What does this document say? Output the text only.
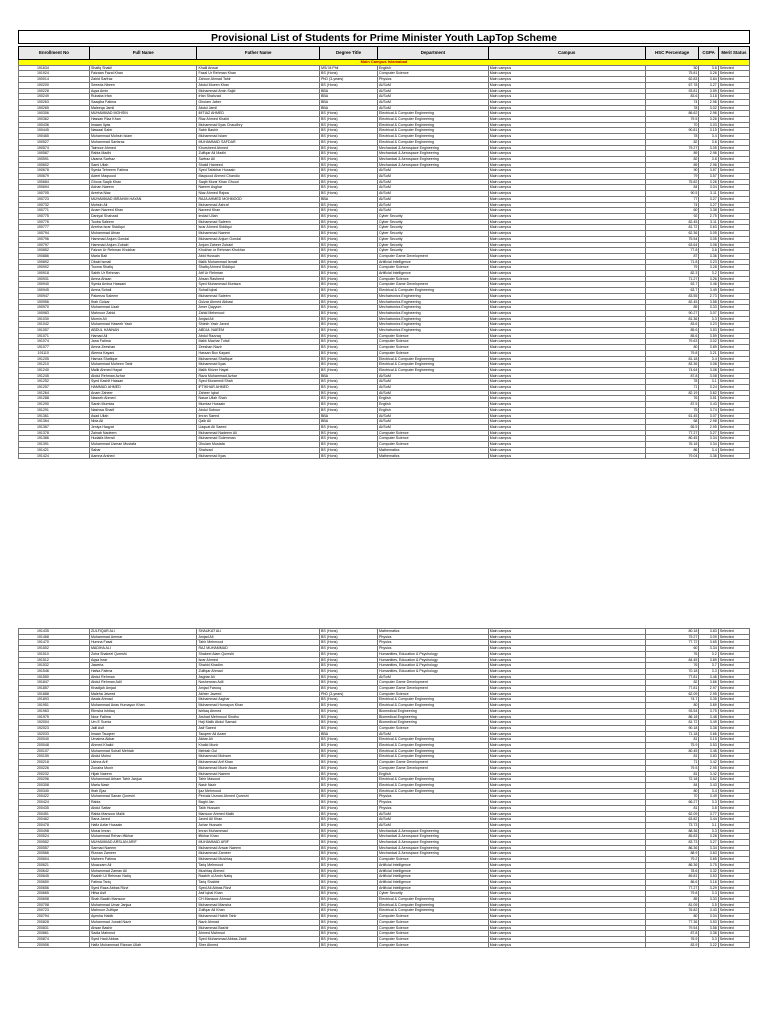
Provisional List of Students for Prime Minister Youth LapTop Scheme
Enrollment No	Full Name	Father Name	Degree Title	Department	Campus	HSC Percentage	CGPA	Merit Status
Main Campus Islamabad								
191634	Shafiq Shakil	Khalil Anwar	MS/ M.Phil	English	Main campus	50	3.6	Selected
191924	Faizaan Fazal Khan	Fazal Ur Rehman Khan	BS (Hons)	Computer Science	Main campus	75.81	3.26	Selected
190014	Zahid Sarfraz	Zahoor Ahmad Tahir	PhD (3-years)	Physics	Main campus	62.83	3.84	Selected
190200	Seeeda Nbeen	Abdul Moeen Khan	BS (Hons)	AI/SoM	Main campus	67.78	3.27	Selected
190228	Aqsa Amin	Muhammad Amin Sajid	BBA	AI/SoM	Main campus	93.81	3.59	Selected
190249	Rubaba Irfan	Irfan Shahzad	BBA	AI/SoM	Main campus	83.6	3.18	Selected
190263	Saaqiba Fatima	Ghulam Jaber	BBA	AI/SoM	Main campus	74	2.96	Selected
190265	Maleeqa Jamil	Abdul Jamil	BBA	AI/SoM	Main campus	78	3.02	Selected
190306	MUHAMMAD MOHSIN	IMTIAZ AHMED	BS (Hons)	Electrical & Computer Engineering	Main campus	86.62	2.96	Selected
190362	Hassan Riaz Khan	Riaz Ahmed Khalid	BS (Hons)	Electrical & Computer Engineering	Main campus	79.5	3.26	Selected
190436	Imaam Ilyas	Muhammad Ilyas Chaudhry	BS (Hons)	Electrical & Computer Engineering	Main campus	70	3.03	Selected
190445	Nawaal Sabir	Sabir Bashir	BS (Hons)	Electrical & Computer Engineering	Main campus	90.81	3.15	Selected
190465	Muhammad Mohsin Islam	Muhammad Islam	BS (Hons)	Electrical & Computer Engineering	Main campus	78	3.4	Selected
190527	Muhammad Sarfaraz	MUHAMMAD SAFDAR	BS (Hons)	Electrical & Computer Engineering	Main campus	82	3.6	Selected
190574	Taimoor Ahmed	Khursheed Ahmed	BS (Hons)	Mechanical & Aerospace Engineering	Main campus	79.27	3.05	Selected
190587	Rabia Madhi	Zulfiqar Ali Madhi	BS (Hons)	Mechanical & Aerospace Engineering	Main campus	89	2.96	Selected
190591	Usama Sarfraz	Sarfraz Ali	BS (Hons)	Mechanical & Aerospace Engineering	Main campus	82	3.8	Selected
190602	Sami Ullah	Shakil Hameed	BS (Hons)	Mechanical & Aerospace Engineering	Main campus	89	2.96	Selected
190678	Syeda Tehreem Fatima	Syed Tafakhar Hussain	BS (Hons)	AI/SoM	Main campus	90	3.57	Selected
190679	Adeel Maqsood	Maqsood Ahmed Chandio	BS (Hons)	AI/SoM	Main campus	79	3.57	Selected
190684	Ghous Saqib Khan	Saqib Munir Khan Ghouri	BS (Hons)	AI/SoM	Main campus	75.82	3.26	Selected
190694	Adnan Naeem	Naeem Asghar	BS (Hons)	AI/SoM	Main campus	84	3.04	Selected
190705	Areeha Niaz	Niaz Ahmed Rajwa	BS (Hons)	AI/SoM	Main campus	90.5	3.11	Selected
190723	MUHAMMAD IBRAHIM HAYAN	RAJA AHMED MOHMOOD	BBA	AI/SoM	Main campus	77	3.27	Selected
190732	Mohsin Ali	Muhammad Ashraf	BS (Hons)	AI/SoM	Main campus	74	3.27	Selected
190771	Anam Naveed Khan	Naveed Khan	BS (Hons)	AI/SoM	Main campus	60	3.38	Selected
190775	Daniyal Shahzad	Imdad Ullah	BS (Hons)	Cyber Security	Main campus	92	2.75	Selected
190776	Tooba Saleem	Muhammad Saleem	BS (Hons)	Cyber Security	Main campus	82.45	3.11	Selected
190777	Areeba Israr Siddiqui	Israr Ahmed Siddiqui	BS (Hons)	Cyber Security	Main campus	81.72	3.63	Selected
190794	Muhammad Afnan	Muhammad Naeem	BS (Hons)	Cyber Security	Main campus	62.36	3.05	Selected
190796	Hammad Anjum Gondal	Muhammad Anjum Gondal	BS (Hons)	Cyber Security	Main campus	75.54	3.05	Selected
190797	Hammad Anjum Zubairi	Anjum Zaheer Zubairi	BS (Hons)	Cyber Security	Main campus	63.64	3.08	Selected
190852	Faizan Ur Rehman Khokhar	Khokhar ur Rehman Khokhar	BS (Hons)	Cyber Security	Main campus	77.8	3.6	Selected
190886	Maria Bali	Abid Hussain	BS (Hons)	Computer Game Development	Main campus	87	3.36	Selected
190892	Obaid Ismail	Malik Muhammad Ismail	BS (Hons)	Artificial Intelligence	Main campus	71.8	3.23	Selected
190902	Tooma Shafiq	Shafiq Ahmed Siddiqui	BS (Hons)	Computer Science	Main campus	79	3.28	Selected
190918	Sabih Ur Rehman	Atif Ur Rehman	BS (Hons)	Artificial Intelligence	Main campus	82.3	3.2	Selected
190931	Amna Ahsan	Ahsan Rasheed	BS (Hons)	Computer Science	Main campus	71.27	3.26	Selected
190940	Syeda Amina Hassani	Syed Muhammad Murtaza	BS (Hons)	Computer Game Development	Main campus	63.7	3.46	Selected
190945	Amna Sohail	Sohail Iqbal	BS (Hons)	Electrical & Computer Engineering	Main campus	63.7	3.49	Selected
190947	Pakeeza Saleem	Muhammad Saleem	BS (Hons)	Mechatronics Engineering	Main campus	83.55	2.73	Selected
190956	Ifrah Gulzar	Gulzar Ahmed Abbasi	BS (Hons)	Mechatronics Engineering	Main campus	82.45	3.58	Selected
190970	Muhammad Uzair	Amer Qayyum	BS (Hons)	Mechatronics Engineering	Main campus	85	3.33	Selected
190983	Mahnoor Zahid	Zahid Mehmood	BS (Hons)	Mechatronics Engineering	Main campus	90.27	3.07	Selected
191030	Momin Ali	Amjad Ali	BS (Hons)	Mechatronics Engineering	Main campus	81.36	3.3	Selected
191042	Muhammad Haseeb Yasir	Shiekh Yasir Javed	BS (Hons)	Mechatronics Engineering	Main campus	83.6	3.23	Selected
191057	ABDUL HANNAN	ABDUL NAEEM	BS (Hons)	Mechatronics Engineering	Main campus	85.6	3.53	Selected
191071	Hamad Ali	Abdul Razzaq	BS (Hons)	Computer Science	Main campus	85.6	3.59	Selected
191074	Jana Fatima	Malik Mazhar Tufail	BS (Hons)	Computer Science	Main campus	79.63	3.02	Selected
191077	Amna Zeeshan	Zeeshan Nazir	BS (Hons)	Computer Science	Main campus	80	3.89	Selected
191110	Aleena Kayani	Hassan Bux Kayani	BS (Hons)	Computer Science	Main campus	79.8	3.21	Selected
191205	Hamza Shafique	Muhammad Shafique	BS (Hons)	Electrical & Computer Engineering	Main campus	81.18	3.4	Selected
191210	Muhammad Moheen Tahir	Muhammad Ilyas	BS (Hons)	Electrical & Computer Engineering	Main campus	83.36	3.08	Selected
191240	Malik Ahmed Hayat	Malik Khizer Hayat	BS (Hons)	Electrical & Computer Engineering	Main campus	74.64	3.08	Selected
191245	Abdul Rehman Azhar	Raza Muhammad Azhar	BBA	AI/SoM	Main campus	87.8	3.08	Selected
191252	Syed Kashif Hassan	Syed Murammil Shah	BS (Hons)	AI/SoM	Main campus	78	3.1	Selected
191257	HAMMAD AHMED	IFTIKHAR AHMED	BS (Hons)	AI/SoM	Main campus	71	3.24	Selected
191264	Anam Zaheer	Zaheer Iqbal	BS (Hons)	AI/SoM	Main campus	82.19	3.62	Selected
191288	Naseeb Ahmed	Nasar Ullah Shah	BS (Hons)	English	Main campus	76	3.51	Selected
191290	Sarah Mumtaz	Mumtaz Hussain	BS (Hons)	English	Main campus	87.5	3.43	Selected
191291	Nashwa Sharif	Abdul Sobour	BS (Hons)	English	Main campus	75	3.74	Selected
191361	Asad Ullah	Imran Saeed	BBA	AI/SoM	Main campus	61.45	3.07	Selected
191364	Nida Ali	Qalb Ali	BBA	AI/SoM	Main campus	68	2.98	Selected
191367	Jeniya Haqyat	Liaquat Ali Saeed	BS (Hons)	AI/SoM	Main campus	65.5	2.95	Selected
191378	Zainab Nadeem	Muhammad Nadeem Ali	BS (Hons)	Computer Science	Main campus	77.27	3.27	Selected
191386	Hudaifa Mensil	Muhammad Sulemman	BS (Hons)	Computer Science	Main campus	80.45	3.34	Selected
191391	Muhammad Usman Mustafa	Ghulam Mustafa	BS (Hons)	Computer Science	Main campus	76.18	3.34	Selected
191421	Sahar	Shahzad	BS (Hons)	Mathematics	Main campus	86	3.4	Selected
191424	Aamna Arshed	Muhammad Ilyas	BS (Hons)	Mathematics	Main campus	79.04	3.36	Selected
191435	ZULFIQAR ALI	SHAUKAT ALI	BS (Hons)	Mathematics	Main campus	80.18	3.83	Selected
191468	Muhammad Ammar	Amjad Ali	BS (Hons)	Physics	Main campus	79.27	3.09	Selected
191470	Humna Fasal	Tahir Mehmood	BS (Hons)	Physics	Main campus	77.72	3.65	Selected
191502	MADIHA ALI	RAJ MUHAMMAD	BS (Hons)	Physics	Main campus	60	3.34	Selected
191510	Zoha Shakeel Qureshi	Shakeel Alam Qureshi	BS (Hons)	Humanities, Education & Psychology	Main campus	76	3.2	Selected
191512	Aqsa Israr	Israr Ahmed	BS (Hons)	Humanities, Education & Psychology	Main campus	84.45	3.89	Selected
191532	Jaweria	Shahid Khadim	BS (Hons)	Humanities, Education & Psychology	Main campus	76	3.7	Selected
191546	Hafsa Fatima	Zulfiqar Ahmad	BS (Hons)	Humanities, Education & Psychology	Main campus	70.18	3.3	Selected
191550	Abdul Rehman	Asghar Ali	BS (Hons)	AI/SoM	Main campus	77.81	3.46	Selected
191847	Abdul Rehman Adil	Nosherwan Adil	BS (Hons)	Computer Game Development	Main campus	82	3.66	Selected
191857	Khadijah Amjad	Amjad Farooq	BS (Hons)	Computer Game Development	Main campus	77.81	2.97	Selected
191888	Maleha Javeed	Akhter Javeed	PhD (3-years)	Computer Science	Main campus	62.09	2.95	Selected
191893	Awais Ahmad	Muhammad Asghar	BS (Hons)	Electrical & Computer Engineering	Main campus	74.7	3.35	Selected
191951	Muhammad Anas Humayun Khan	Muhammad Humayun Khan	BS (Hons)	Electrical & Computer Engineering	Main campus	80	3.89	Selected
191963	Rimsha Ishtiaq	Ishtiaq Ahmed	BS (Hons)	Biomedical Engineering	Main campus	93.54	3.75	Selected
191975	Noor Fatima	Arshad Mehmood Sindhu	BS (Hons)	Biomedical Engineering	Main campus	86.18	3.48	Selected
192004	Um E Sumia	Haji Malik Abdul Samad	BS (Hons)	Biomedical Engineering	Main campus	81.72	3.49	Selected
192023	Jalil Asif	Asif Saeed	BS (Hons)	Computer Science	Main campus	90.18	3.38	Selected
192033	Imaan Tauqeer	Tauqeer Ali Azam	BBA	AI/SoM	Main campus	71.18	3.66	Selected
200040	Umaima Akbar	Akbar Ali	BS (Hons)	Electrical & Computer Engineering	Main campus	81	3.15	Selected
200048	Ahmed Khalid	Khalid Munir	BS (Hons)	Electrical & Computer Engineering	Main campus	75.9	3.53	Selected
200107	Muhammad Sohail Mehtab	Mehtab Gul	BS (Hons)	Electrical & Computer Engineering	Main campus	80.45	3.46	Selected
200159	Abdul Mohsi	Muhammad Mohsen	BS (Hons)	Electrical & Computer Engineering	Main campus	81	3.83	Selected
200218	Ushna Arif	Muhammad Arif Khan	BS (Hons)	Computer Game Development	Main campus	71	3.42	Selected
200226	Zunaira Munir	Muhammad Munir Awan	BS (Hons)	Computer Game Development	Main campus	79.5	2.95	Selected
200232	Hijab Naeem	Muhammad Naeem	BS (Hons)	English	Main campus	81	3.42	Selected
200296	Muhammad Arham Tahir Janjua	Tahir Masood	BS (Hons)	Electrical & Computer Engineering	Main campus	72.18	3.62	Selected
200308	Maria Nasir	Nasir Nazir	BS (Hons)	Electrical & Computer Engineering	Main campus	84	3.43	Selected
200340	Ifrah Ejaz	Ijaz Mehmood	BS (Hons)	Electrical & Computer Engineering	Main campus	80	3.4	Selected
200422	Muhammad Sanan Qureshi	Pervaiz Usman Ahmed Qureshi	BS (Hons)	Physics	Main campus	70	3.49	Selected
200424	Rabia	Baghi Jan	BS (Hons)	Physics	Main campus	66.27	3.3	Selected
200435	Abdul Sattar	Talib Hussain	BS (Hons)	Physics	Main campus	81	3.8	Selected
200451	Rabia Mansoor Malik	Mansoor Ahmed Malik	BS (Hons)	AI/SoM	Main campus	62.09	3.77	Selected
200462	Sana Javed	Javed Ali Khan	BS (Hons)	AI/SoM	Main campus	63.82	3.44	Selected
200478	Hafiz Azfar Hussain	Azhar Hussain	BS (Hons)	AI/SoM	Main campus	73.73	3.1	Selected
200498	Mussi Imran	Imran Muhammad	BS (Hons)	Mechanical & Aerospace Engineering	Main campus	88.36	3.3	Selected
200524	Muhammad Rehan Iftikhar	Iftikhar Khan	BS (Hons)	Mechanical & Aerospace Engineering	Main campus	85.83	3.28	Selected
200552	MUHAMMAD ARSLAN ARIF	MUHAMMAD ARIF	BS (Hons)	Mechanical & Aerospace Engineering	Main campus	83.73	3.27	Selected
200557	Sarmad Naeem	Muhammad Anwar Naeem	BS (Hons)	Mechanical & Aerospace Engineering	Main campus	86.36	3.34	Selected
200566	Rizwan Zameer	Muhammad Zameer	BS (Hons)	Mechanical & Aerospace Engineering	Main campus	88.9	3.63	Selected
200604	Maheen Fatima	Muhammad Mushtaq	BS (Hons)	Computer Science	Main campus	79.2	3.65	Selected
200621	Moazzam Ali	Tariq Mehmood	BS (Hons)	Artificial Intelligence	Main campus	86.36	3.75	Selected
200642	Muhammad Zaman Ali	Mushtaq Ahmed	BS (Hons)	Artificial Intelligence	Main campus	78.6	3.32	Selected
200645	Raabih Ul Rehman Natiq	Raabih ul Amin Natiq	BS (Hons)	Artificial Intelligence	Main campus	89.81	3.53	Selected
200650	Fatima Tariq	Tariq Shabbir	BS (Hons)	Artificial Intelligence	Main campus	86.6	3.16	Selected
200656	Syed Raza Abbas Rizvi	Syed Ali Abbas Rizvi	BS (Hons)	Artificial Intelligence	Main campus	77.27	3.29	Selected
200665	Hifsa Asif	Asif Iqbal Khan	BS (Hons)	Cyber Security	Main campus	79.8	3.3	Selected
200698	Shah Baakh Mansoor	CH Mansoor Ahmad	BS (Hons)	Electrical & Computer Engineering	Main campus	85	3.33	Selected
200708	Muhammad Umar Janjua	Muhammad Mansha	BS (Hons)	Electrical & Computer Engineering	Main campus	81.09	3.5	Selected
200723	Mahnoor Zulfiqar	Zulfiqar Ali Khan	BS (Hons)	Electrical & Computer Engineering	Main campus	76.82	3.43	Selected
200794	Ayesha Habib	Muhammad Habib Tahir	BS (Hons)	Computer Science	Main campus	80	3.04	Selected
200828	Muhammad Junaid Nazir	Nazir Ahmad	BS (Hons)	Computer Science	Main campus	77.36	3.53	Selected
200831	Ahsan Bashir	Muhammad Bashir	BS (Hons)	Computer Science	Main campus	79.54	3.58	Selected
200861	Sadia Mahmud	Ahmed Mahmud	BS (Hons)	Computer Science	Main campus	87.8	3.36	Selected
200874	Syed Hadi Abbas	Syed Muhammad Abbas Zaidi	BS (Hons)	Computer Science	Main campus	76.9	3.3	Selected
200906	Hafiz Muhammad Rizwan Ullah	Sher Ahmed	BS (Hons)	Computer Science	Main campus	83.9	3.22	Selected
